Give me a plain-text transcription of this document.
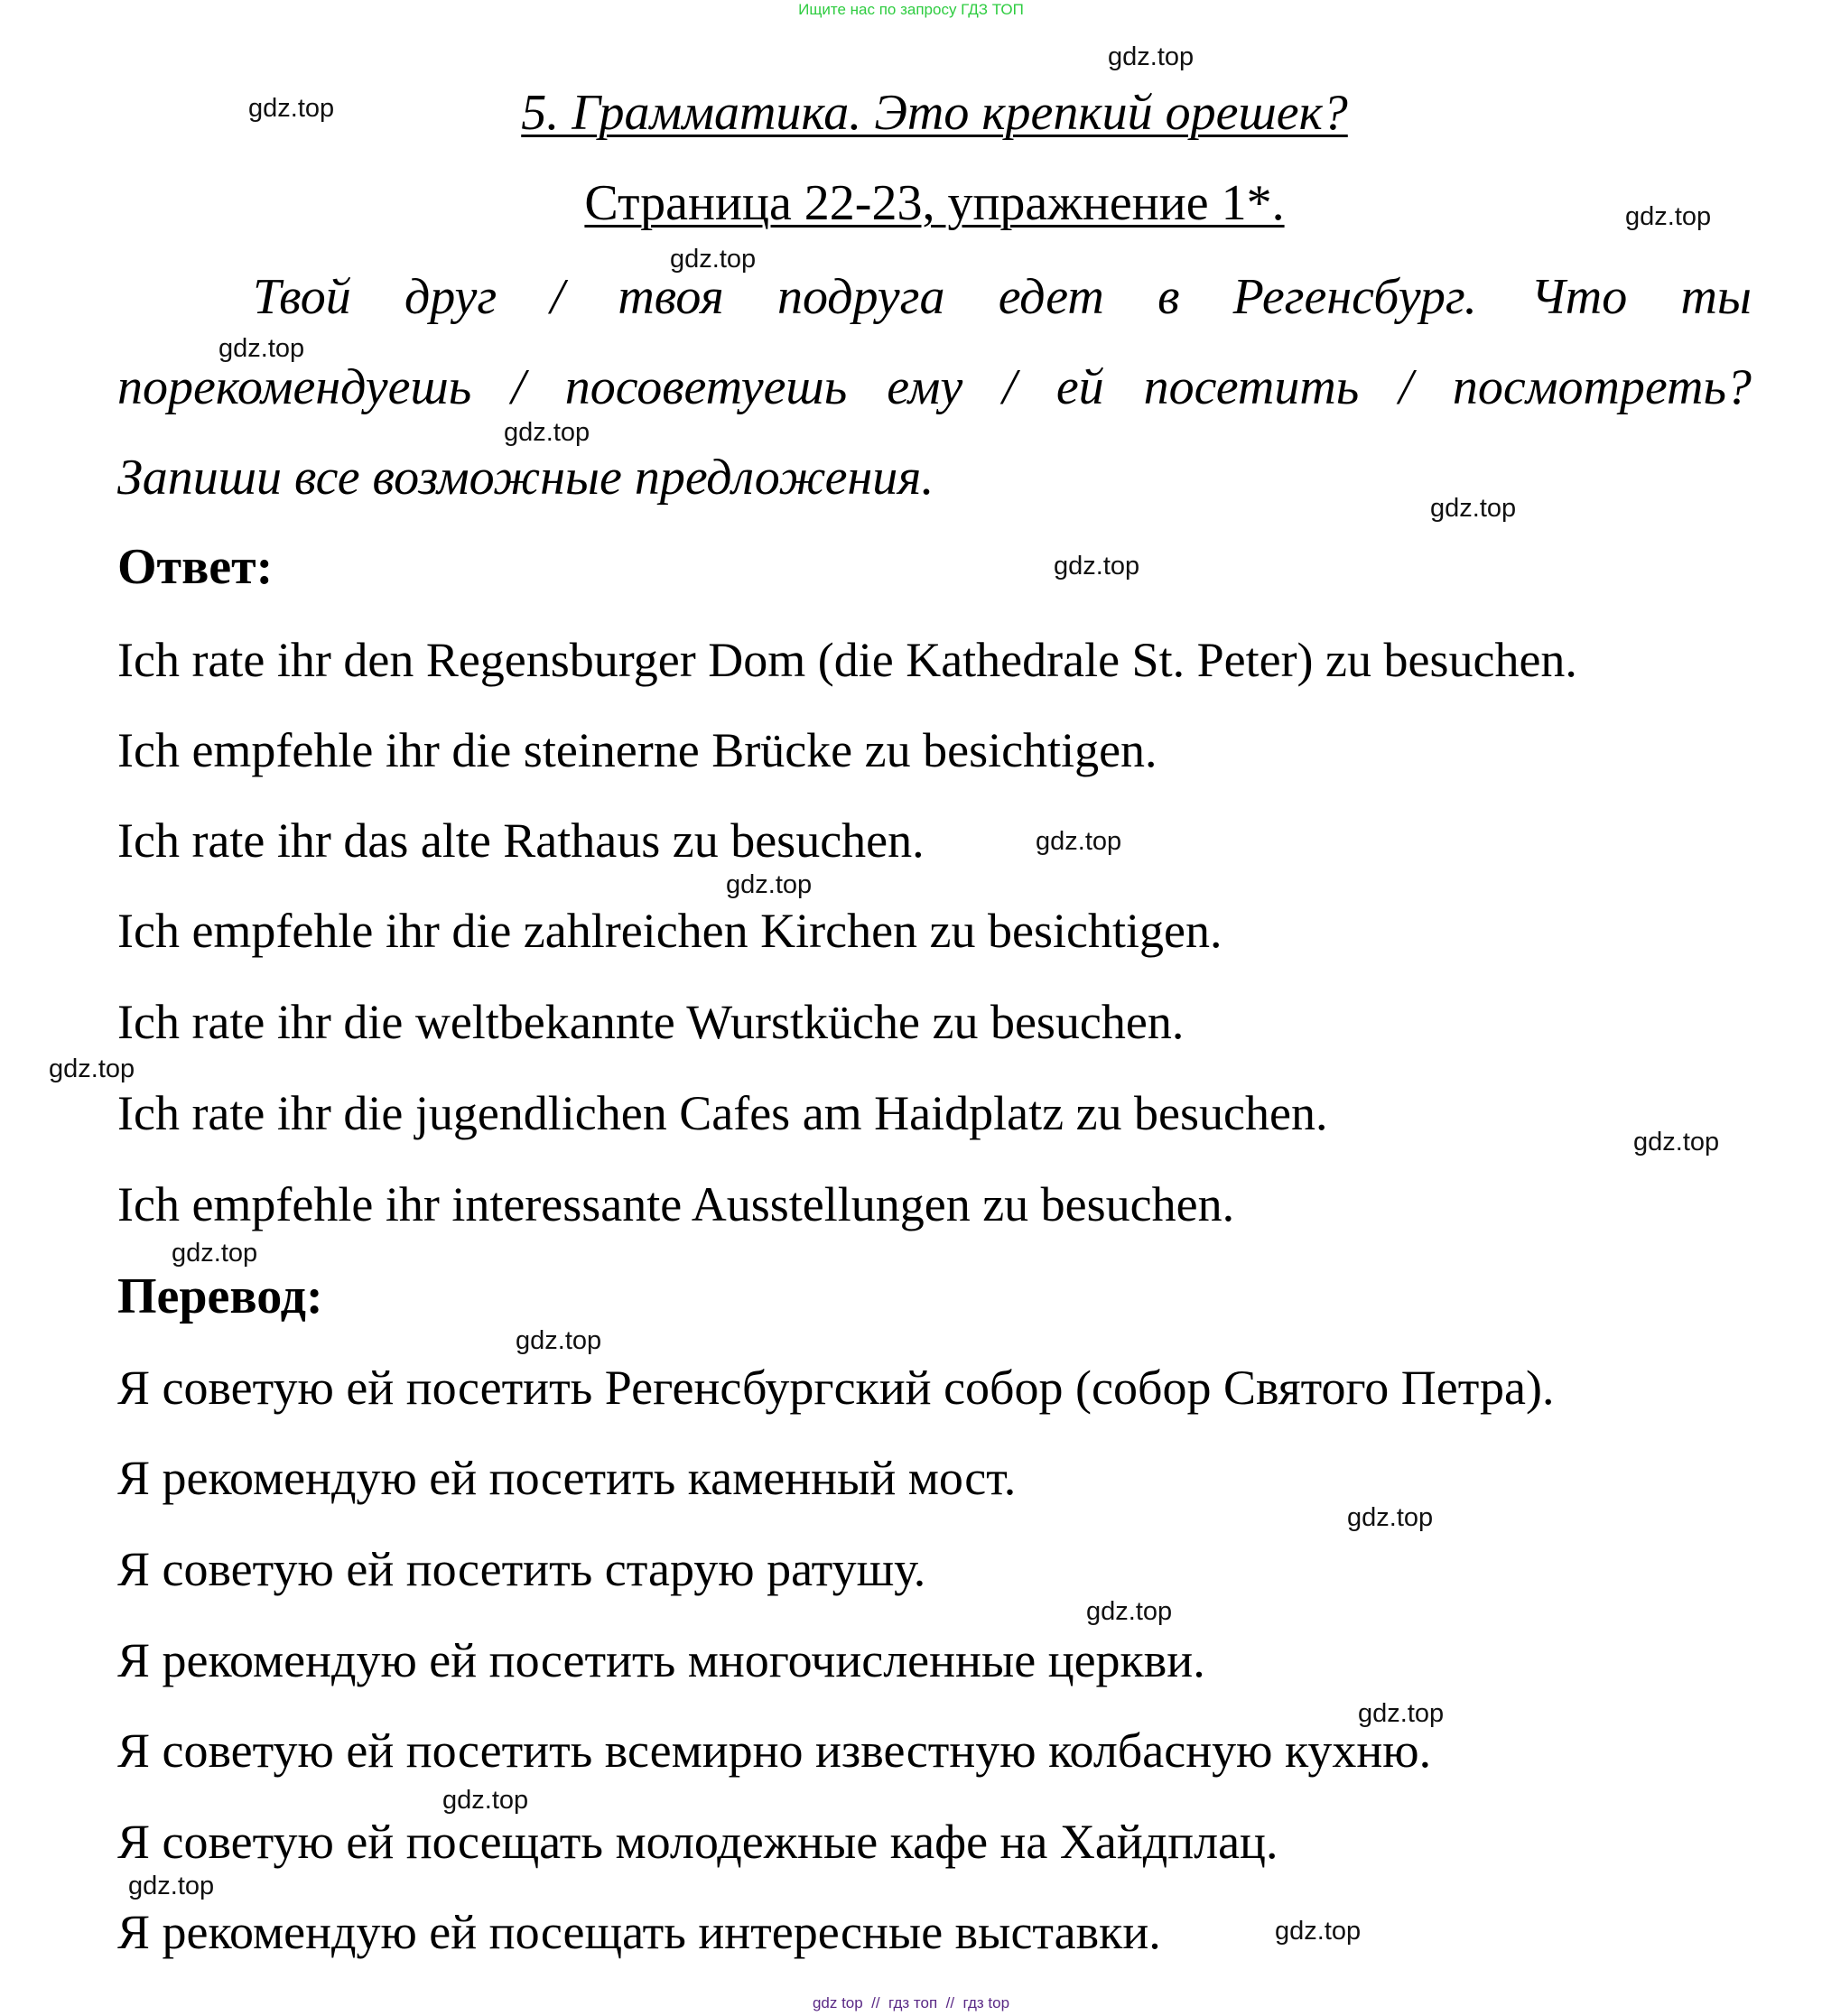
Ищите нас по запросу ГДЗ ТОП
5. Грамматика. Это крепкий орешек?
Страница 22-23, упражнение 1*.
Твой друг / твоя подруга едет в Регенсбург. Что ты
порекомендуешь / посоветуешь ему / ей посетить / посмотреть?
Запиши все возможные предложения.
Ответ:
Ich rate ihr den Regensburger Dom (die Kathedrale St. Peter) zu besuchen.
Ich empfehle ihr die steinerne Brücke zu besichtigen.
Ich rate ihr das alte Rathaus zu besuchen.
Ich empfehle ihr die zahlreichen Kirchen zu besichtigen.
Ich rate ihr die weltbekannte Wurstküche zu besuchen.
Ich rate ihr die jugendlichen Cafes am Haidplatz zu besuchen.
Ich empfehle ihr interessante Ausstellungen zu besuchen.
Перевод:
Я советую ей посетить Регенсбургский собор (собор Святого Петра).
Я рекомендую ей посетить каменный мост.
Я советую ей посетить старую ратушу.
Я рекомендую ей посетить многочисленные церкви.
Я советую ей посетить всемирно известную колбасную кухню.
Я советую ей посещать молодежные кафе на Хайдплац.
Я рекомендую ей посещать интересные выставки.
gdz.top
gdz.top
gdz.top
gdz.top
gdz.top
gdz.top
gdz.top
gdz.top
gdz.top
gdz.top
gdz.top
gdz.top
gdz.top
gdz.top
gdz.top
gdz.top
gdz.top
gdz.top
gdz.top
gdz.top
gdz top  //  гдз топ  //  гдз top
